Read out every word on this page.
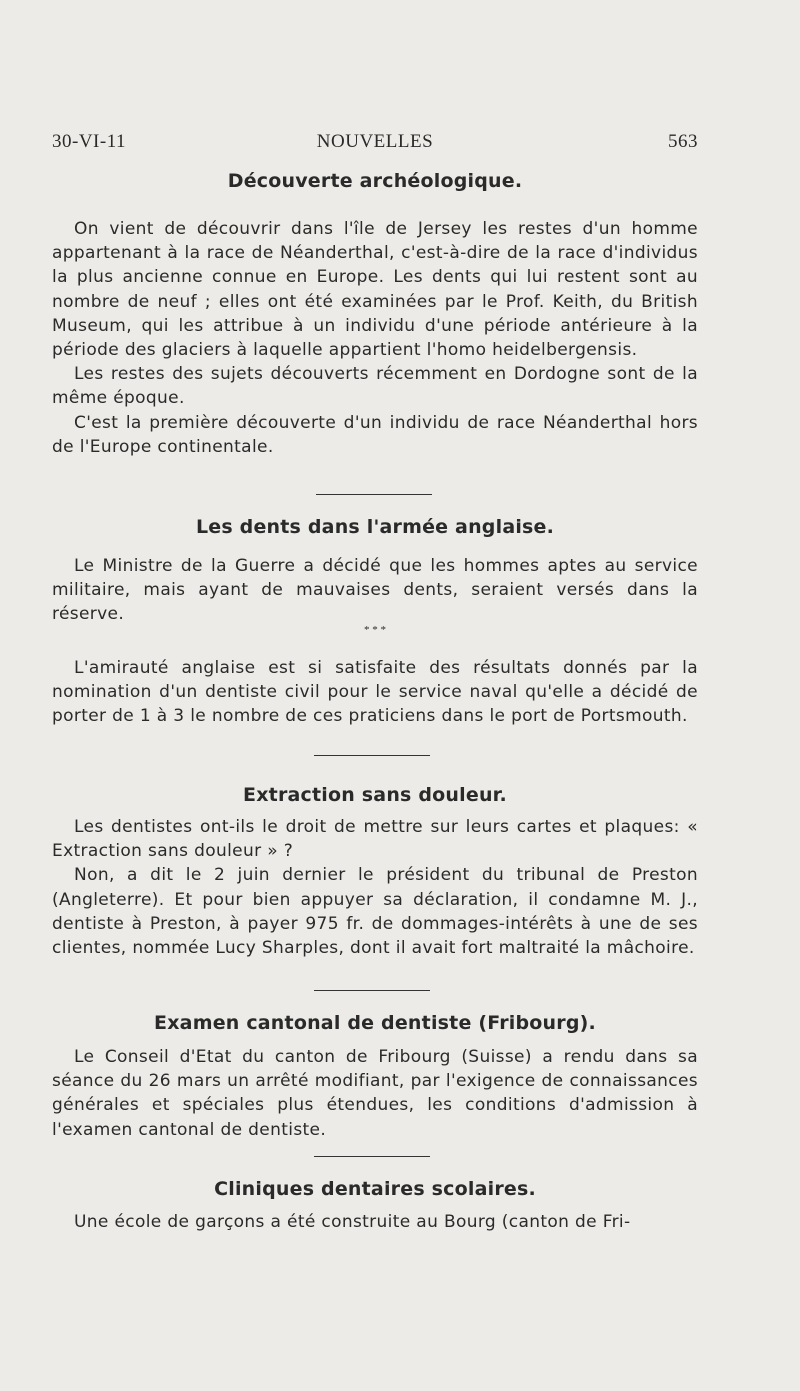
30-VI-11	NOUVELLES	563
Découverte archéologique.

On vient de découvrir dans l'île de Jersey les restes d'un homme appartenant à la race de Néanderthal, c'est-à-dire de la race d'individus la plus ancienne connue en Europe. Les dents qui lui restent sont au nombre de neuf ; elles ont été examinées par le Prof. Keith, du British Museum, qui les attribue à un individu d'une période antérieure à la période des glaciers à laquelle appartient l'homo heidelbergensis.

Les restes des sujets découverts récemment en Dordogne sont de la même époque.

C'est la première découverte d'un individu de race Néanderthal hors de l'Europe continentale.

Les dents dans l'armée anglaise.

Le Ministre de la Guerre a décidé que les hommes aptes au service militaire, mais ayant de mauvaises dents, seraient versés dans la réserve.

* * *

L'amirauté anglaise est si satisfaite des résultats donnés par la nomination d'un dentiste civil pour le service naval qu'elle a décidé de porter de 1 à 3 le nombre de ces praticiens dans le port de Portsmouth.

Extraction sans douleur.

Les dentistes ont-ils le droit de mettre sur leurs cartes et plaques: « Extraction sans douleur » ?

Non, a dit le 2 juin dernier le président du tribunal de Preston (Angleterre). Et pour bien appuyer sa déclaration, il condamne M. J., dentiste à Preston, à payer 975 fr. de dommages-intérêts à une de ses clientes, nommée Lucy Sharples, dont il avait fort maltraité la mâchoire.

Examen cantonal de dentiste (Fribourg).

Le Conseil d'Etat du canton de Fribourg (Suisse) a rendu dans sa séance du 26 mars un arrêté modifiant, par l'exigence de connaissances générales et spéciales plus étendues, les conditions d'admission à l'examen cantonal de dentiste.

Cliniques dentaires scolaires.

Une école de garçons a été construite au Bourg (canton de Fri-
